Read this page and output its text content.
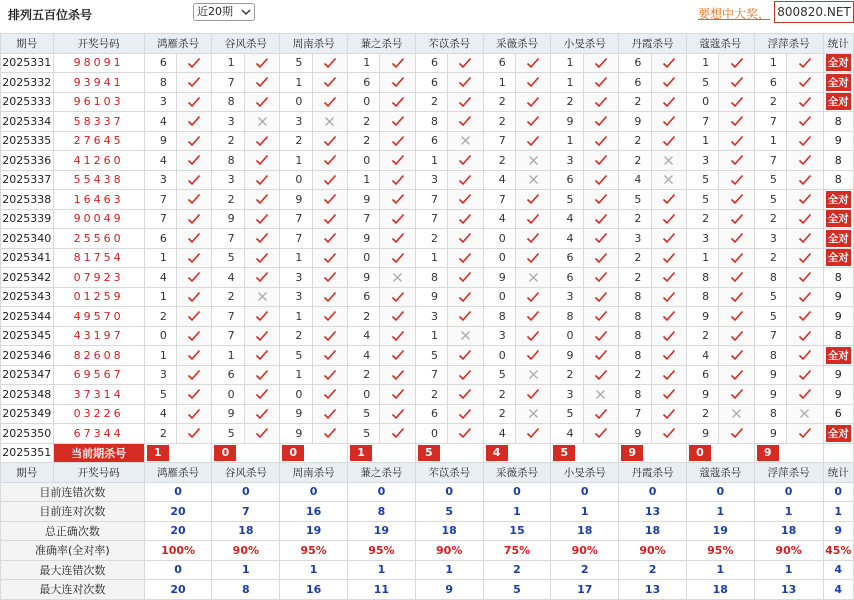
排列五百位杀号	近20期	要想中大奖， 800820.NET
期号	开奖号码	鸿雁杀号		谷风杀号		周南杀号		蒹之杀号		芣苡杀号		采薇杀号		小旻杀号		丹霞杀号		蔻蔻杀号		浮萍杀号		统计
2025331	98091	6		1		5		1		6		6		1		6		1		1		全对
2025332	93941	8		7		1		6		6		1		1		6		5		6		全对
2025333	96103	3		8		0		0		2		2		2		2		0		2		全对
2025334	58337	4		3		3		2		8		2		9		9		7		7		8
2025335	27645	9		2		2		2		6		7		1		2		1		1		9
2025336	41260	4		8		1		0		1		2		3		2		3		7		8
2025337	55438	3		3		0		1		3		4		6		4		5		5		8
2025338	16463	7		2		9		9		7		7		5		5		5		5		全对
2025339	90049	7		9		7		7		7		4		4		2		2		2		全对
2025340	25560	6		7		7		9		2		0		4		3		3		3		全对
2025341	81754	1		5		1		0		1		0		6		2		1		2		全对
2025342	07923	4		4		3		9		8		9		6		2		8		8		8
2025343	01259	1		2		3		6		9		0		3		8		8		5		9
2025344	49570	2		7		1		2		3		8		8		8		9		5		9
2025345	43197	0		7		2		4		1		3		0		8		2		7		8
2025346	82608	1		1		5		4		5		0		9		8		4		8		全对
2025347	69567	3		6		1		2		7		5		2		2		6		9		9
2025348	37314	5		0		0		0		2		2		3		8		9		9		9
2025349	03226	4		9		9		5		6		2		5		7		2		8		6
2025350	67344	2		5		9		5		0		4		4		9		9		9		全对
2025351	当前期杀号	1		0		0		1		5		4		5		9		0		9		
期号	开奖号码	鸿雁杀号		谷风杀号		周南杀号		蒹之杀号		芣苡杀号		采薇杀号		小旻杀号		丹霞杀号		蔻蔻杀号		浮萍杀号		统计
目前连错次数		0		0		0		0		0		0		0		0		0		0		0
目前连对次数		20		7		16		8		5		1		1		13		1		1		1
总正确次数		20		18		19		19		18		15		18		18		19		18		9
准确率(全对率)		100%		90%		95%		95%		90%		75%		90%		90%		95%		90%		45%
最大连错次数		0		1		1		1		1		2		2		2		1		1		4
最大连对次数		20		8		16		11		9		5		17		13		18		13		4
